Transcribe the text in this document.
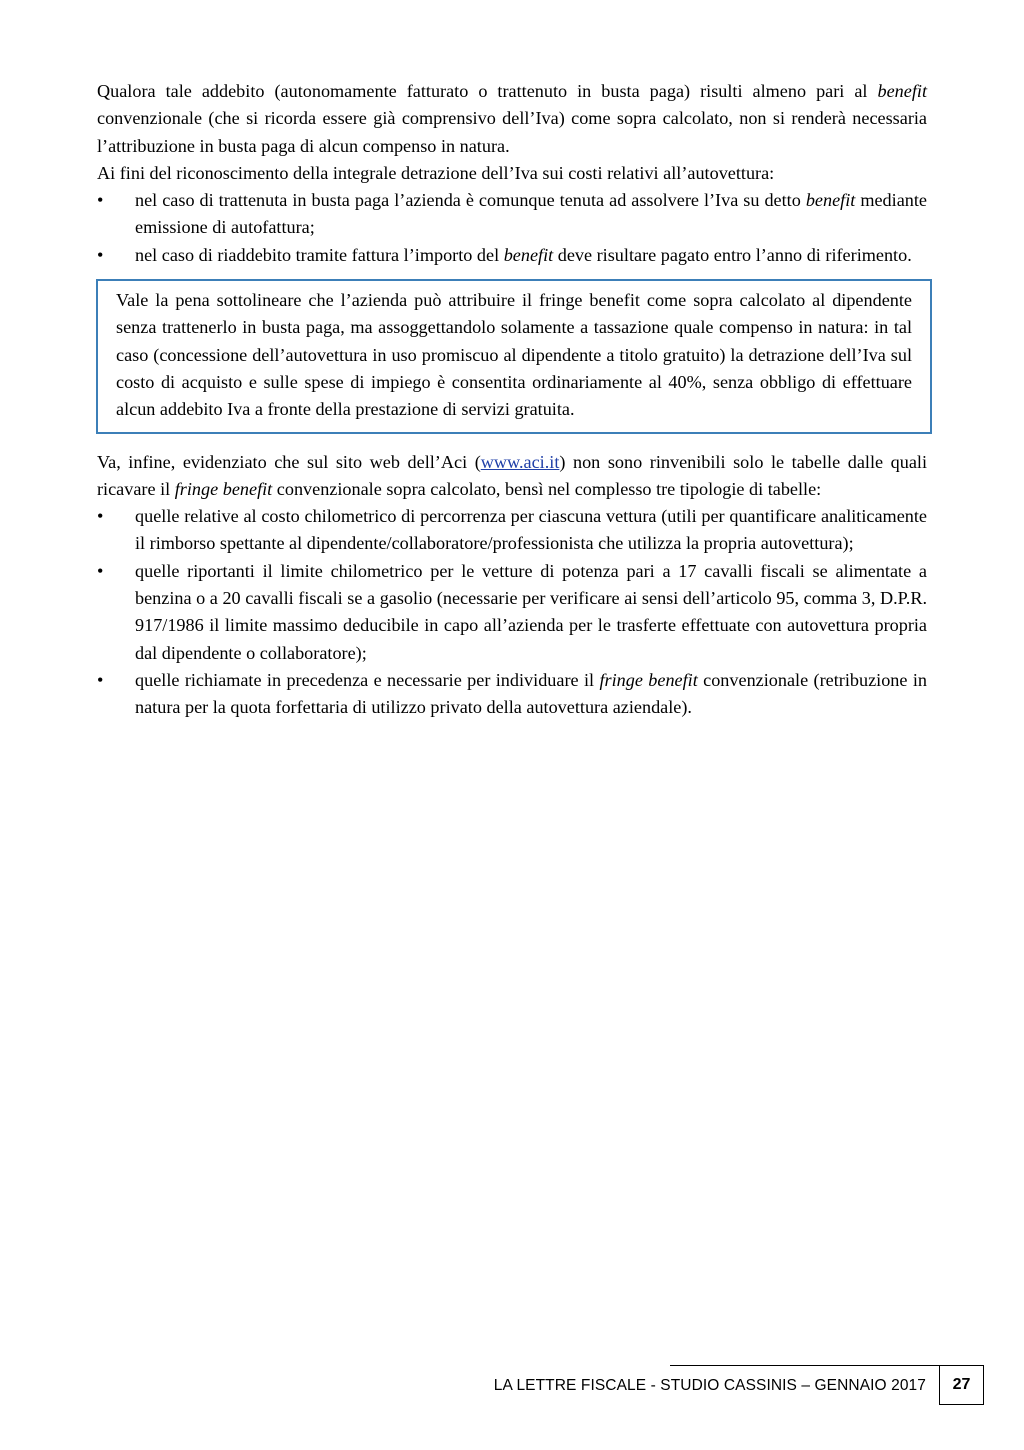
Qualora tale addebito (autonomamente fatturato o trattenuto in busta paga) risulti almeno pari al benefit convenzionale (che si ricorda essere già comprensivo dell’Iva) come sopra calcolato, non si renderà necessaria l’attribuzione in busta paga di alcun compenso in natura.

Ai fini del riconoscimento della integrale detrazione dell’Iva sui costi relativi all’autovettura:

• nel caso di trattenuta in busta paga l’azienda è comunque tenuta ad assolvere l’Iva su detto benefit mediante emissione di autofattura;
• nel caso di riaddebito tramite fattura l’importo del benefit deve risultare pagato entro l’anno di riferimento.
Vale la pena sottolineare che l’azienda può attribuire il fringe benefit come sopra calcolato al dipendente senza trattenerlo in busta paga, ma assoggettandolo solamente a tassazione quale compenso in natura: in tal caso (concessione dell’autovettura in uso promiscuo al dipendente a titolo gratuito) la detrazione dell’Iva sul costo di acquisto e sulle spese di impiego è consentita ordinariamente al 40%, senza obbligo di effettuare alcun addebito Iva a fronte della prestazione di servizi gratuita.

Va, infine, evidenziato che sul sito web dell’Aci (www.aci.it) non sono rinvenibili solo le tabelle dalle quali ricavare il fringe benefit convenzionale sopra calcolato, bensì nel complesso tre tipologie di tabelle:

• quelle relative al costo chilometrico di percorrenza per ciascuna vettura (utili per quantificare analiticamente il rimborso spettante al dipendente/collaboratore/professionista che utilizza la propria autovettura);
• quelle riportanti il limite chilometrico per le vetture di potenza pari a 17 cavalli fiscali se alimentate a benzina o a 20 cavalli fiscali se a gasolio (necessarie per verificare ai sensi dell’articolo 95, comma 3, D.P.R. 917/1986 il limite massimo deducibile in capo all’azienda per le trasferte effettuate con autovettura propria dal dipendente o collaboratore);
• quelle richiamate in precedenza e necessarie per individuare il fringe benefit convenzionale (retribuzione in natura per la quota forfettaria di utilizzo privato della autovettura aziendale).
LA LETTRE FISCALE - STUDIO CASSINIS – GENNAIO 2017	27
